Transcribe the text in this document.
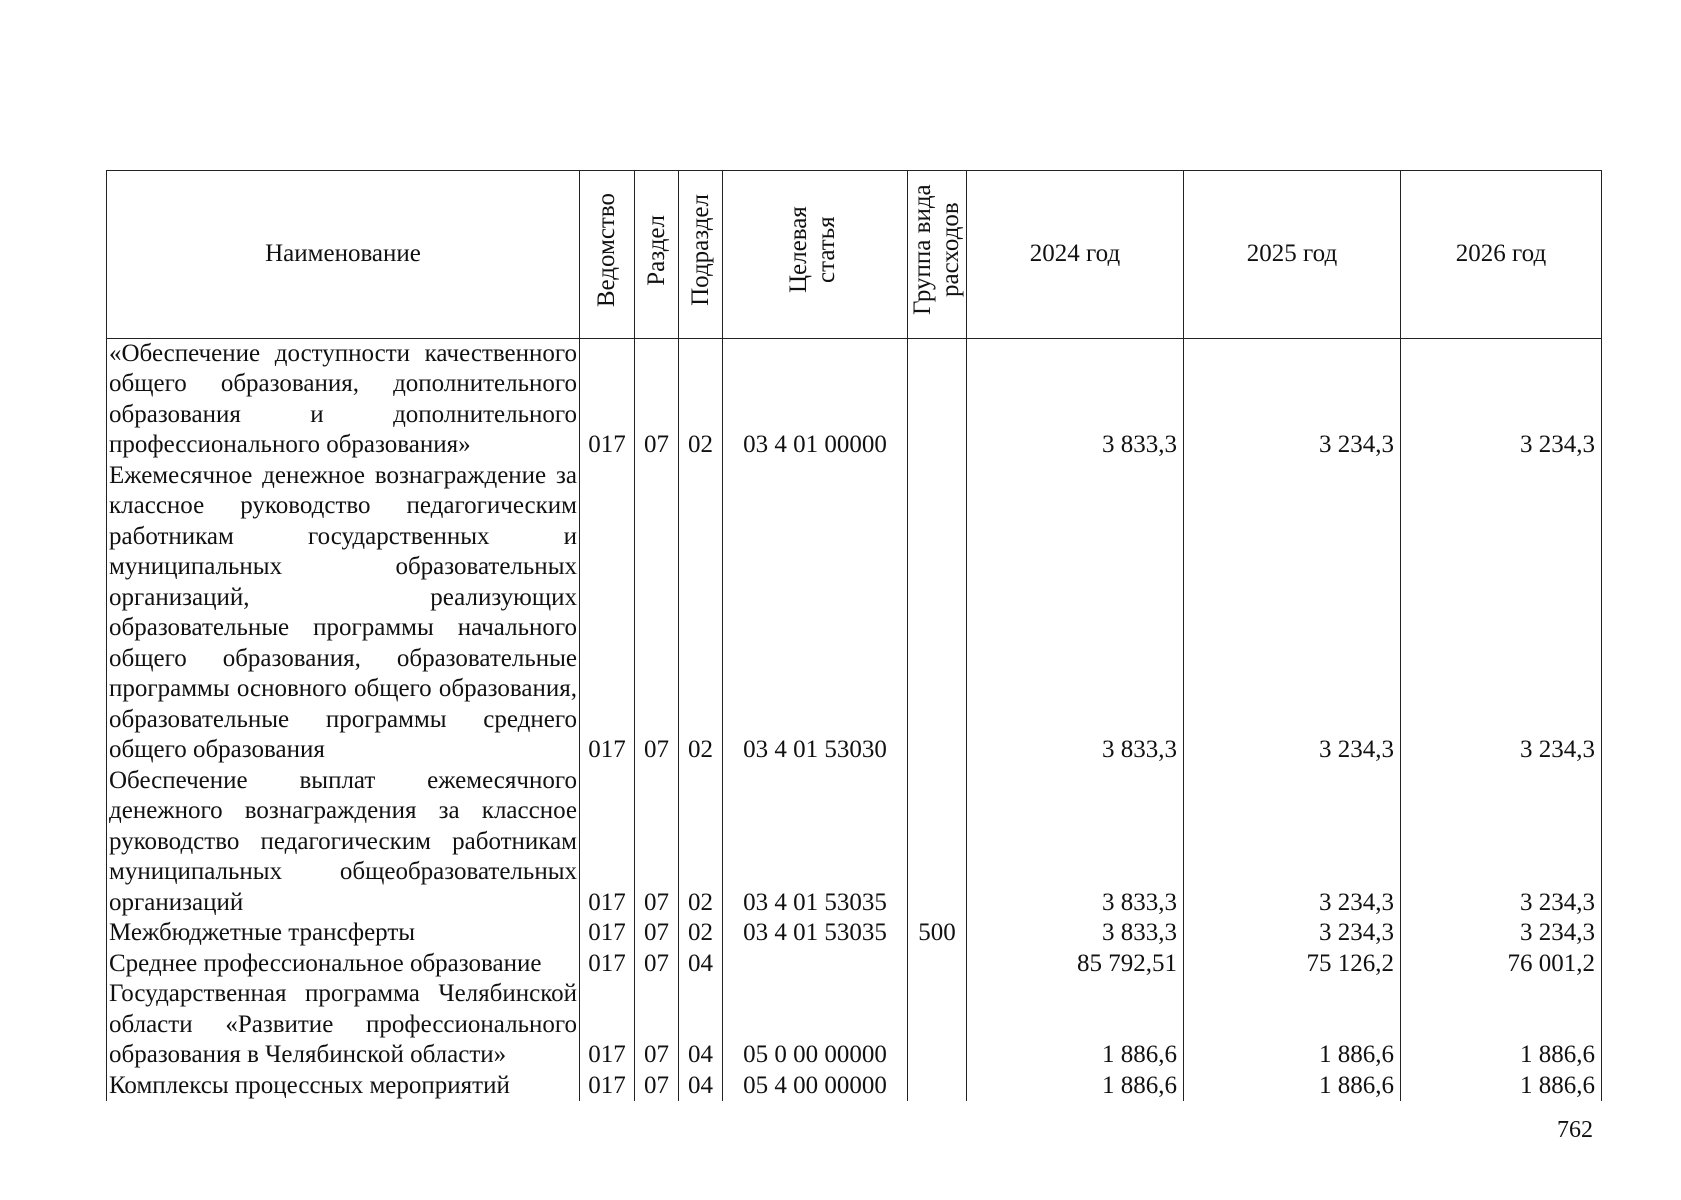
Наименование	Ведомство	Раздел	Подраздел	Целевая статья	Группа вида расходов	2024 год	2025 год	2026 год
«Обеспечение доступности качественного общего образования, дополнительного образования и дополнительного профессионального образования»	017	07	02	03 4 01 00000		3 833,3	3 234,3	3 234,3
Ежемесячное денежное вознаграждение за классное руководство педагогическим работникам государственных и муниципальных образовательных организаций, реализующих образовательные программы начального общего образования, образовательные программы основного общего образования, образовательные программы среднего общего образования	017	07	02	03 4 01 53030		3 833,3	3 234,3	3 234,3
Обеспечение выплат ежемесячного денежного вознаграждения за классное руководство педагогическим работникам муниципальных общеобразовательных организаций	017	07	02	03 4 01 53035		3 833,3	3 234,3	3 234,3
Межбюджетные трансферты	017	07	02	03 4 01 53035	500	3 833,3	3 234,3	3 234,3
Среднее профессиональное образование	017	07	04			85 792,51	75 126,2	76 001,2
Государственная программа Челябинской области «Развитие профессионального образования в Челябинской области»	017	07	04	05 0 00 00000		1 886,6	1 886,6	1 886,6
Комплексы процессных мероприятий	017	07	04	05 4 00 00000		1 886,6	1 886,6	1 886,6
762
